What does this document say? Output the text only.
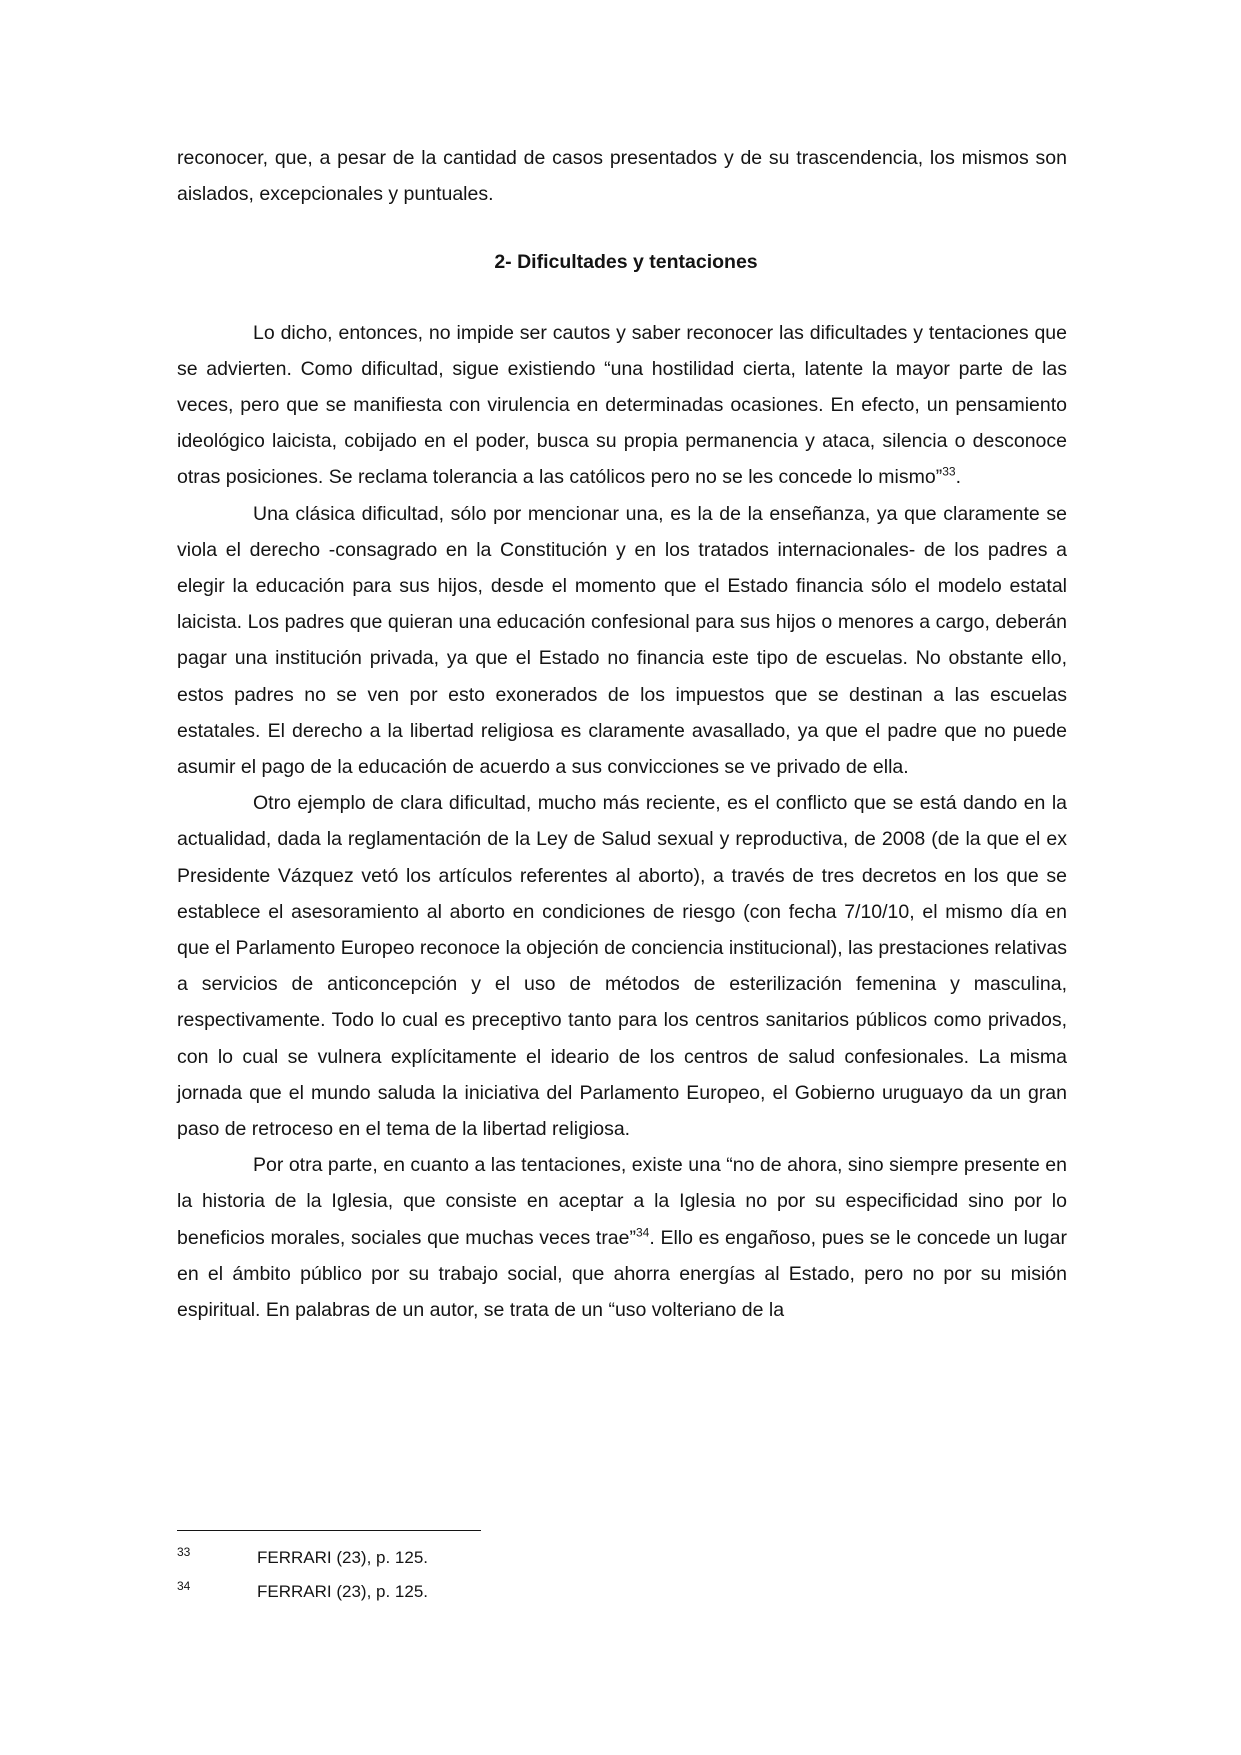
reconocer, que, a pesar de la cantidad de casos presentados y de su trascendencia, los mismos son aislados, excepcionales y puntuales.

2- Dificultades y tentaciones

Lo dicho, entonces, no impide ser cautos y saber reconocer las dificultades y tentaciones que se advierten. Como dificultad, sigue existiendo “una hostilidad cierta, latente la mayor parte de las veces, pero que se manifiesta con virulencia en determinadas ocasiones. En efecto, un pensamiento ideológico laicista, cobijado en el poder, busca su propia permanencia y ataca, silencia o desconoce otras posiciones. Se reclama tolerancia a las católicos pero no se les concede lo mismo”$^{33}$.

Una clásica dificultad, sólo por mencionar una, es la de la enseñanza, ya que claramente se viola el derecho -consagrado en la Constitución y en los tratados internacionales- de los padres a elegir la educación para sus hijos, desde el momento que el Estado financia sólo el modelo estatal laicista. Los padres que quieran una educación confesional para sus hijos o menores a cargo, deberán pagar una institución privada, ya que el Estado no financia este tipo de escuelas. No obstante ello, estos padres no se ven por esto exonerados de los impuestos que se destinan a las escuelas estatales. El derecho a la libertad religiosa es claramente avasallado, ya que el padre que no puede asumir el pago de la educación de acuerdo a sus convicciones se ve privado de ella.

Otro ejemplo de clara dificultad, mucho más reciente, es el conflicto que se está dando en la actualidad, dada la reglamentación de la Ley de Salud sexual y reproductiva, de 2008 (de la que el ex Presidente Vázquez vetó los artículos referentes al aborto), a través de tres decretos en los que se establece el asesoramiento al aborto en condiciones de riesgo (con fecha 7/10/10, el mismo día en que el Parlamento Europeo reconoce la objeción de conciencia institucional), las prestaciones relativas a servicios de anticoncepción y el uso de métodos de esterilización femenina y masculina, respectivamente. Todo lo cual es preceptivo tanto para los centros sanitarios públicos como privados, con lo cual se vulnera explícitamente el ideario de los centros de salud confesionales. La misma jornada que el mundo saluda la iniciativa del Parlamento Europeo, el Gobierno uruguayo da un gran paso de retroceso en el tema de la libertad religiosa.

Por otra parte, en cuanto a las tentaciones, existe una “no de ahora, sino siempre presente en la historia de la Iglesia, que consiste en aceptar a la Iglesia no por su especificidad sino por lo beneficios morales, sociales que muchas veces trae”$^{34}$. Ello es engañoso, pues se le concede un lugar en el ámbito público por su trabajo social, que ahorra energías al Estado, pero no por su misión espiritual. En palabras de un autor, se trata de un “uso volteriano de la

33	FERRARI (23), p. 125.
34	FERRARI (23), p. 125.
